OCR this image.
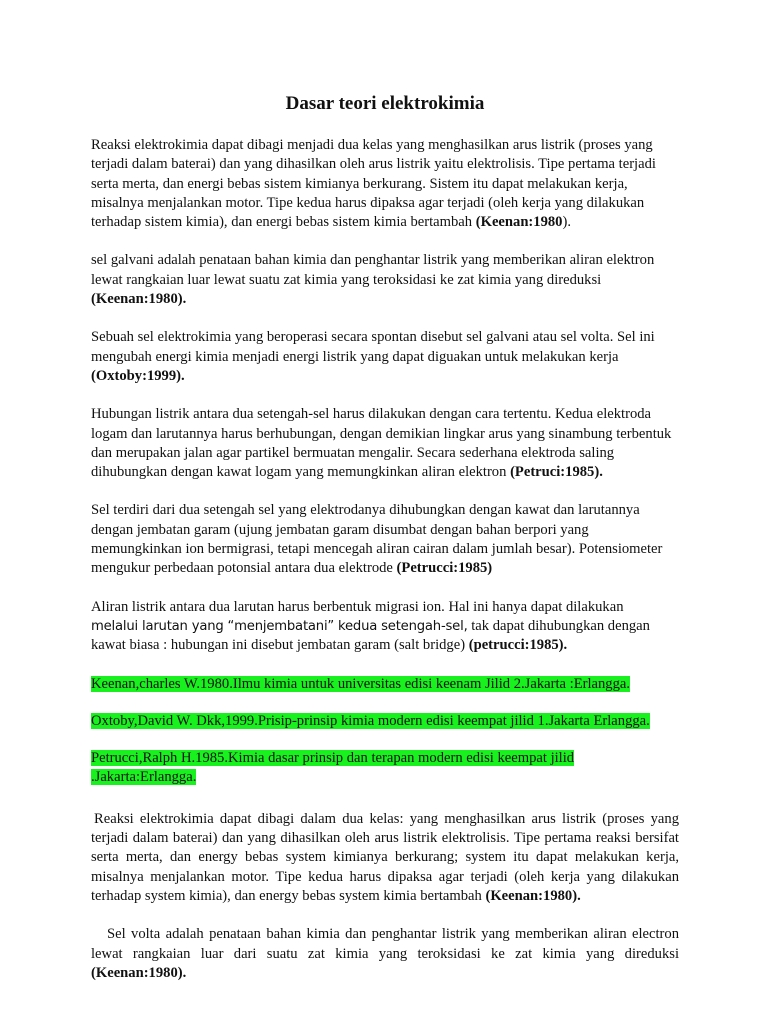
Dasar teori elektrokimia

Reaksi elektrokimia dapat dibagi menjadi dua kelas yang menghasilkan arus listrik (proses yang terjadi dalam baterai) dan yang dihasilkan oleh arus listrik yaitu elektrolisis. Tipe pertama terjadi serta merta, dan energi bebas sistem kimianya berkurang. Sistem itu dapat melakukan kerja, misalnya menjalankan motor. Tipe kedua harus dipaksa agar terjadi (oleh kerja yang dilakukan terhadap sistem kimia), dan energi bebas sistem kimia bertambah (Keenan:1980).

sel galvani adalah penataan bahan kimia dan penghantar listrik yang memberikan aliran elektron lewat rangkaian luar lewat suatu zat kimia yang teroksidasi ke zat kimia yang direduksi (Keenan:1980).

Sebuah sel elektrokimia yang beroperasi secara spontan disebut sel galvani atau sel volta. Sel ini mengubah energi kimia menjadi energi listrik yang dapat diguakan untuk melakukan kerja (Oxtoby:1999).

Hubungan listrik antara dua setengah-sel harus dilakukan dengan cara tertentu. Kedua elektroda logam dan larutannya harus berhubungan, dengan demikian lingkar arus yang sinambung terbentuk dan merupakan jalan agar partikel bermuatan mengalir. Secara sederhana elektroda saling dihubungkan dengan kawat logam yang memungkinkan aliran elektron (Petruci:1985).

Sel terdiri dari dua setengah sel yang elektrodanya dihubungkan dengan kawat dan larutannya dengan jembatan garam (ujung jembatan garam disumbat dengan bahan berpori yang memungkinkan ion bermigrasi, tetapi mencegah aliran cairan dalam jumlah besar). Potensiometer mengukur perbedaan potonsial antara dua elektrode (Petrucci:1985)

Aliran listrik antara dua larutan harus berbentuk migrasi ion. Hal ini hanya dapat dilakukan
melalui larutan yang “menjembatani” kedua setengah-sel, tak dapat dihubungkan dengan kawat biasa : hubungan ini disebut jembatan garam (salt bridge) (petrucci:1985).

Keenan,charles W.1980.Ilmu kimia untuk universitas edisi keenam Jilid 2.Jakarta :Erlangga.

Oxtoby,David W. Dkk,1999.Prisip-prinsip kimia modern edisi keempat jilid 1.Jakarta Erlangga.

Petrucci,Ralph H.1985.Kimia dasar prinsip dan terapan modern edisi keempat jilid .Jakarta:Erlangga.

Reaksi elektrokimia dapat dibagi dalam dua kelas: yang menghasilkan arus listrik (proses yang terjadi dalam baterai) dan yang dihasilkan oleh arus listrik elektrolisis. Tipe pertama reaksi bersifat serta merta, dan energy bebas system kimianya berkurang; system itu dapat melakukan kerja, misalnya menjalankan motor. Tipe kedua harus dipaksa agar terjadi (oleh kerja yang dilakukan terhadap system kimia), dan energy bebas system kimia bertambah (Keenan:1980).

Sel volta adalah penataan bahan kimia dan penghantar listrik yang memberikan aliran electron lewat rangkaian luar dari suatu zat kimia yang teroksidasi ke zat kimia yang direduksi (Keenan:1980).
